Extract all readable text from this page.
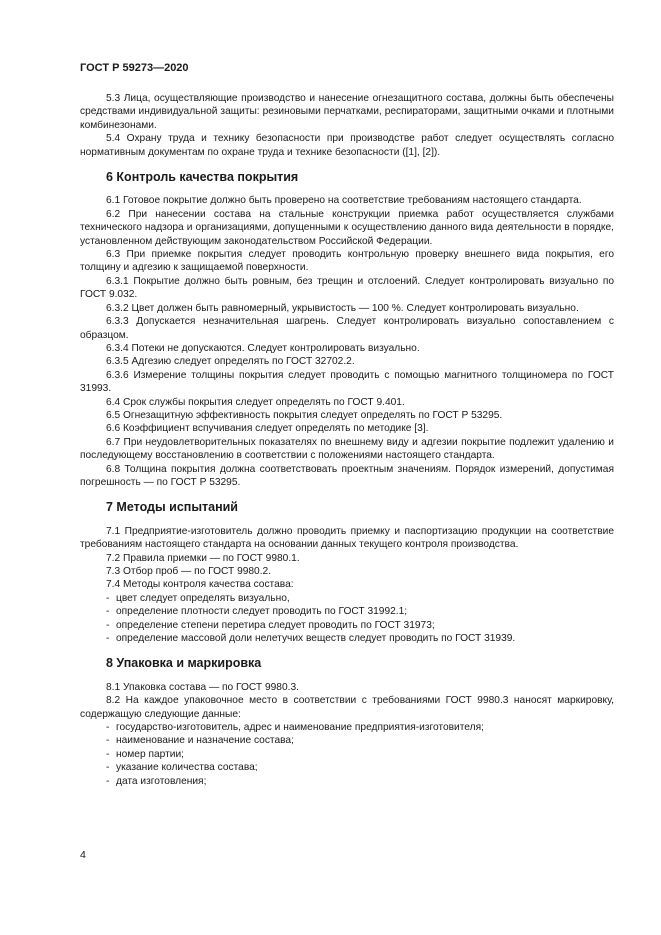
ГОСТ Р 59273—2020

5.3 Лица, осуществляющие производство и нанесение огнезащитного состава, должны быть обеспечены средствами индивидуальной защиты: резиновыми перчатками, респираторами, защитными очками и плотными комбинезонами.

5.4 Охрану труда и технику безопасности при производстве работ следует осуществлять согласно нормативным документам по охране труда и технике безопасности ([1], [2]).

6 Контроль качества покрытия

6.1 Готовое покрытие должно быть проверено на соответствие требованиям настоящего стандарта.

6.2 При нанесении состава на стальные конструкции приемка работ осуществляется службами технического надзора и организациями, допущенными к осуществлению данного вида деятельности в порядке, установленном действующим законодательством Российской Федерации.

6.3 При приемке покрытия следует проводить контрольную проверку внешнего вида покрытия, его толщину и адгезию к защищаемой поверхности.

6.3.1 Покрытие должно быть ровным, без трещин и отслоений. Следует контролировать визуально по ГОСТ 9.032.

6.3.2 Цвет должен быть равномерный, укрывистость — 100 %. Следует контролировать визуально.

6.3.3 Допускается незначительная шагрень. Следует контролировать визуально сопоставлением с образцом.

6.3.4 Потеки не допускаются. Следует контролировать визуально.

6.3.5 Адгезию следует определять по ГОСТ 32702.2.

6.3.6 Измерение толщины покрытия следует проводить с помощью магнитного толщиномера по ГОСТ 31993.

6.4 Срок службы покрытия следует определять по ГОСТ 9.401.

6.5 Огнезащитную эффективность покрытия следует определять по ГОСТ Р 53295.

6.6 Коэффициент вспучивания следует определять по методике [3].

6.7 При неудовлетворительных показателях по внешнему виду и адгезии покрытие подлежит удалению и последующему восстановлению в соответствии с положениями настоящего стандарта.

6.8 Толщина покрытия должна соответствовать проектным значениям. Порядок измерений, допустимая погрешность — по ГОСТ Р 53295.

7 Методы испытаний

7.1 Предприятие-изготовитель должно проводить приемку и паспортизацию продукции на соответствие требованиям настоящего стандарта на основании данных текущего контроля производства.

7.2 Правила приемки — по ГОСТ 9980.1.

7.3 Отбор проб — по ГОСТ 9980.2.

7.4 Методы контроля качества состава:

- цвет следует определять визуально,

- определение плотности следует проводить по ГОСТ 31992.1;

- определение степени перетира следует проводить по ГОСТ 31973;

- определение массовой доли нелетучих веществ следует проводить по ГОСТ 31939.

8 Упаковка и маркировка

8.1 Упаковка состава — по ГОСТ 9980.3.

8.2 На каждое упаковочное место в соответствии с требованиями ГОСТ 9980.3 наносят маркировку, содержащую следующие данные:

- государство-изготовитель, адрес и наименование предприятия-изготовителя;

- наименование и назначение состава;

- номер партии;

- указание количества состава;

- дата изготовления;

4
